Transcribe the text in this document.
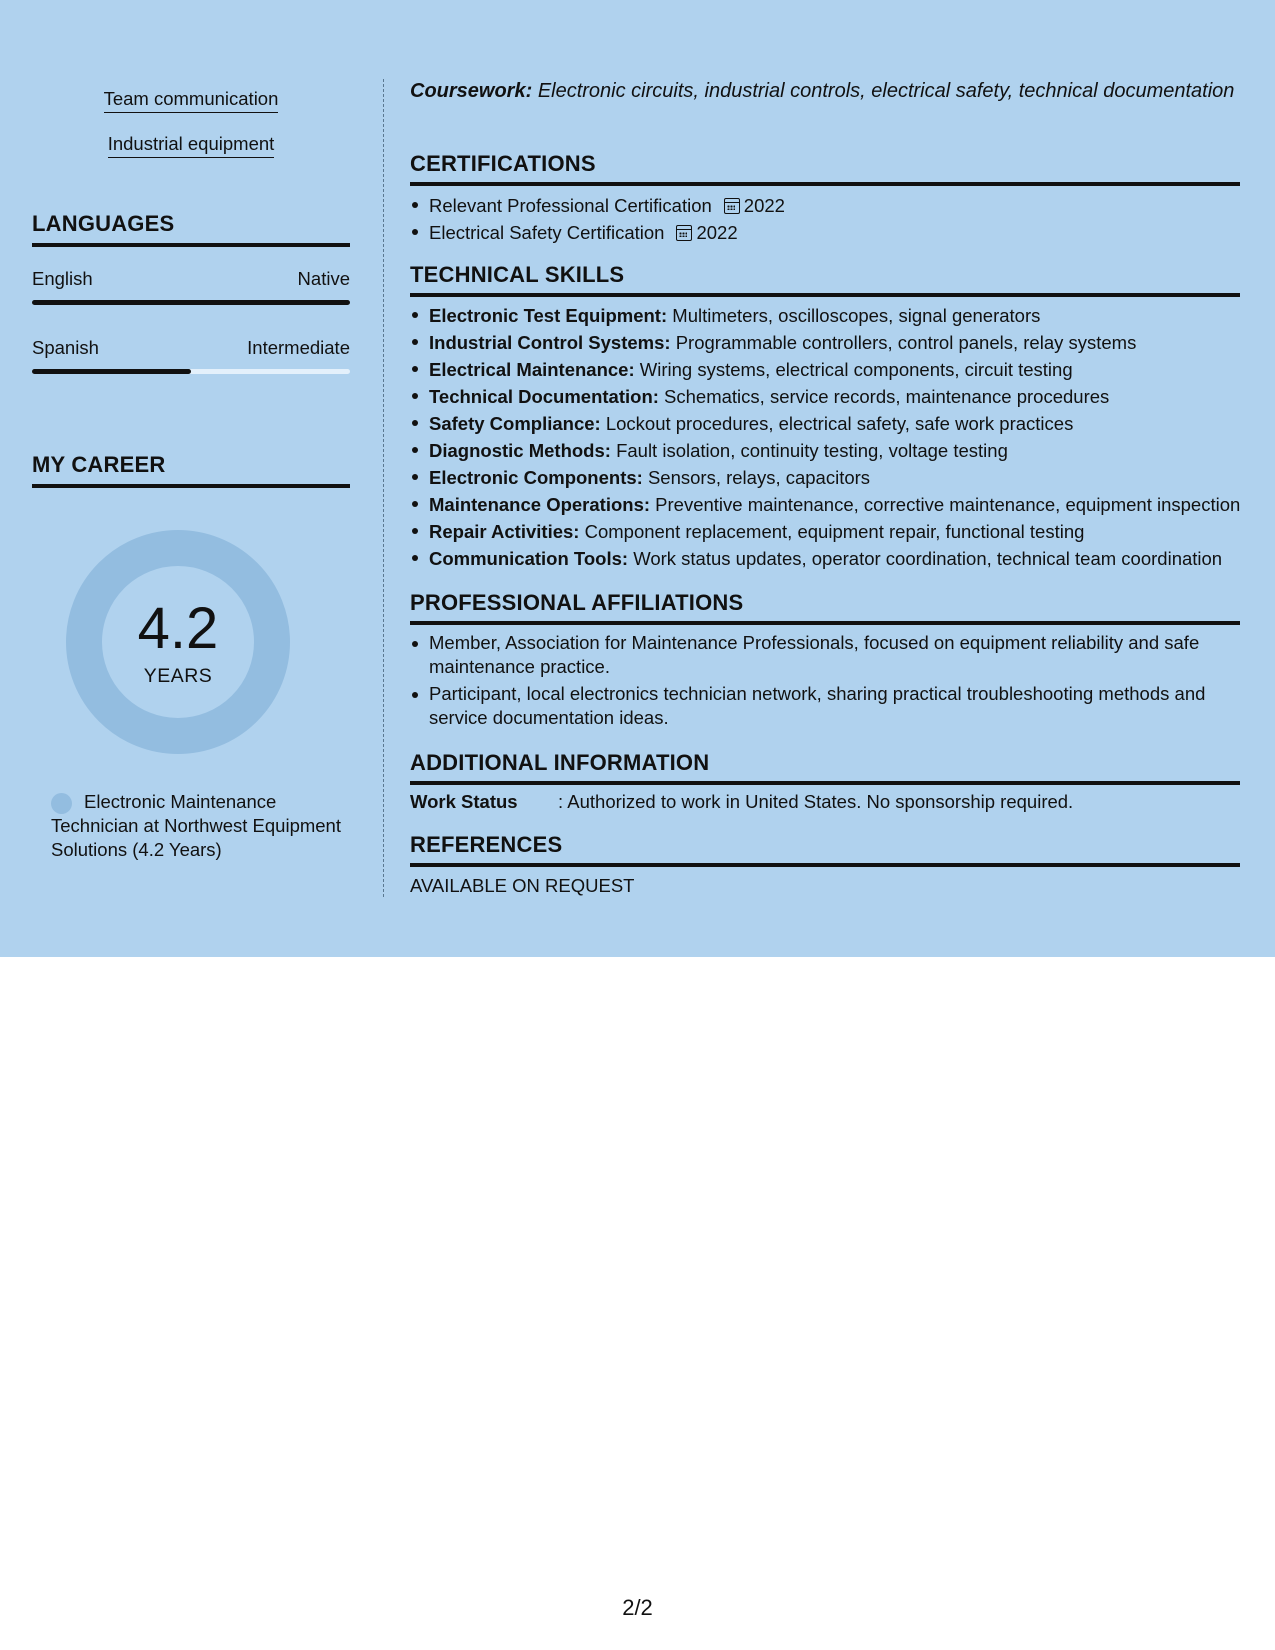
Team communication
Industrial equipment
LANGUAGES
English	Native
Spanish	Intermediate
MY CAREER
4.2
YEARS
Electronic Maintenance Technician at Northwest Equipment Solutions (4.2 Years)
Coursework: Electronic circuits, industrial controls, electrical safety, technical documentation
CERTIFICATIONS
Relevant Professional Certification 2022
Electrical Safety Certification 2022
TECHNICAL SKILLS
Electronic Test Equipment: Multimeters, oscilloscopes, signal generators
Industrial Control Systems: Programmable controllers, control panels, relay systems
Electrical Maintenance: Wiring systems, electrical components, circuit testing
Technical Documentation: Schematics, service records, maintenance procedures
Safety Compliance: Lockout procedures, electrical safety, safe work practices
Diagnostic Methods: Fault isolation, continuity testing, voltage testing
Electronic Components: Sensors, relays, capacitors
Maintenance Operations: Preventive maintenance, corrective maintenance, equipment inspection
Repair Activities: Component replacement, equipment repair, functional testing
Communication Tools: Work status updates, operator coordination, technical team coordination
PROFESSIONAL AFFILIATIONS
Member, Association for Maintenance Professionals, focused on equipment reliability and safe maintenance practice.
Participant, local electronics technician network, sharing practical troubleshooting methods and service documentation ideas.
ADDITIONAL INFORMATION
Work Status : Authorized to work in United States. No sponsorship required.
REFERENCES
AVAILABLE ON REQUEST
2/2
